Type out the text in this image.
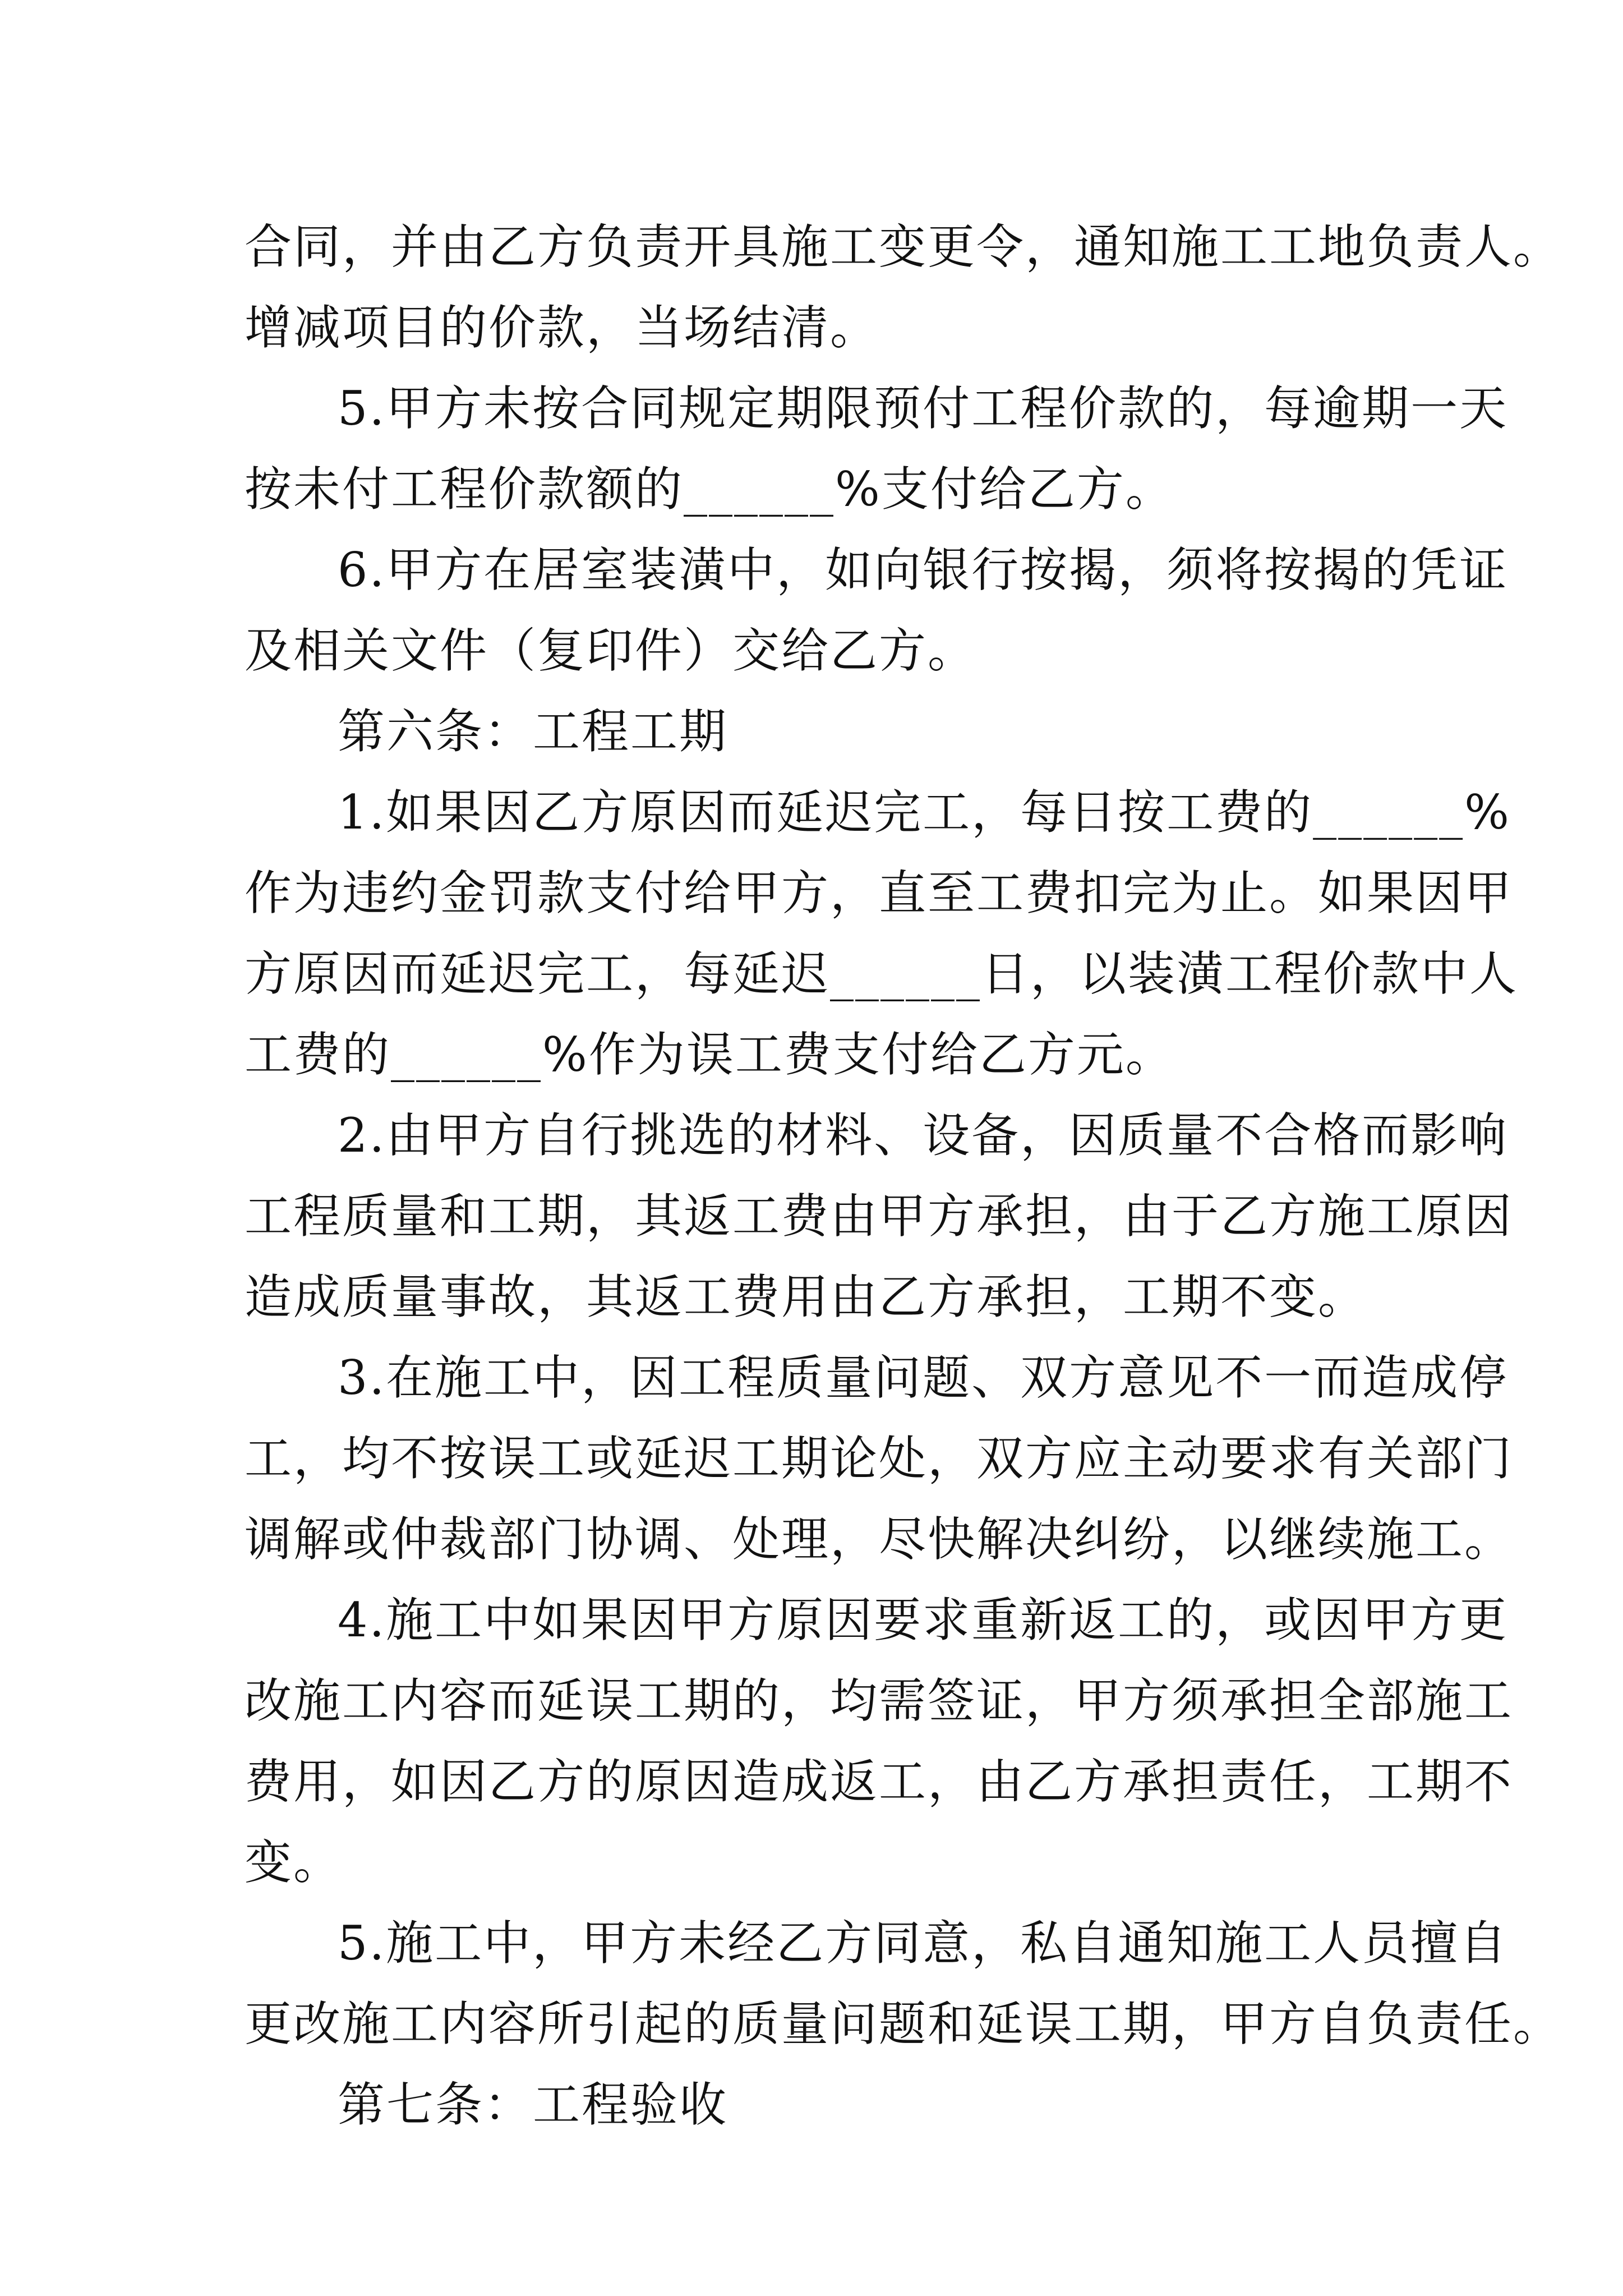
合同，并由乙方负责开具施工变更令，通知施工工地负责人。
增减项目的价款，当场结清。

5.甲方未按合同规定期限预付工程价款的，每逾期一天
按未付工程价款额的______%支付给乙方。

6.甲方在居室装潢中，如向银行按揭，须将按揭的凭证
及相关文件（复印件）交给乙方。

第六条：工程工期

1.如果因乙方原因而延迟完工，每日按工费的______%
作为违约金罚款支付给甲方，直至工费扣完为止。如果因甲
方原因而延迟完工，每延迟______日，以装潢工程价款中人
工费的______%作为误工费支付给乙方元。

2.由甲方自行挑选的材料、设备，因质量不合格而影响
工程质量和工期，其返工费由甲方承担，由于乙方施工原因
造成质量事故，其返工费用由乙方承担，工期不变。

3.在施工中，因工程质量问题、双方意见不一而造成停
工，均不按误工或延迟工期论处，双方应主动要求有关部门
调解或仲裁部门协调、处理，尽快解决纠纷，以继续施工。

4.施工中如果因甲方原因要求重新返工的，或因甲方更
改施工内容而延误工期的，均需签证，甲方须承担全部施工
费用，如因乙方的原因造成返工，由乙方承担责任，工期不
变。

5.施工中，甲方未经乙方同意，私自通知施工人员擅自
更改施工内容所引起的质量问题和延误工期，甲方自负责任。

第七条：工程验收
